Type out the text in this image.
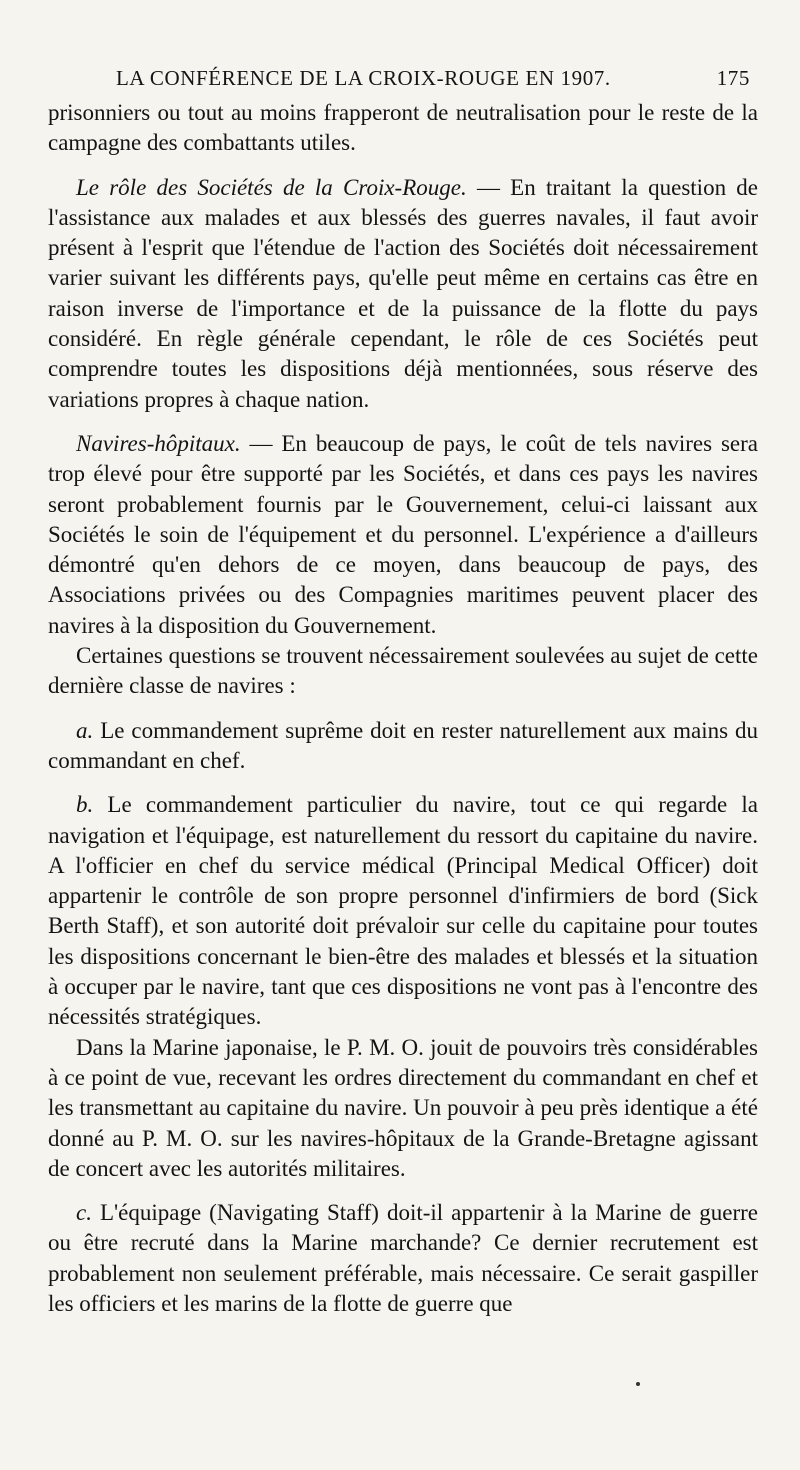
LA CONFÉRENCE DE LA CROIX-ROUGE EN 1907.	175

prisonniers ou tout au moins frapperont de neutralisation pour le reste de la campagne des combattants utiles.

Le rôle des Sociétés de la Croix-Rouge. — En traitant la question de l'assistance aux malades et aux blessés des guerres navales, il faut avoir présent à l'esprit que l'étendue de l'action des Sociétés doit nécessairement varier suivant les différents pays, qu'elle peut même en certains cas être en raison inverse de l'importance et de la puissance de la flotte du pays considéré. En règle générale cependant, le rôle de ces Sociétés peut comprendre toutes les dispositions déjà mentionnées, sous réserve des variations propres à chaque nation.

Navires-hôpitaux. — En beaucoup de pays, le coût de tels navires sera trop élevé pour être supporté par les Sociétés, et dans ces pays les navires seront probablement fournis par le Gouvernement, celui-ci laissant aux Sociétés le soin de l'équipement et du personnel. L'expérience a d'ailleurs démontré qu'en dehors de ce moyen, dans beaucoup de pays, des Associations privées ou des Compagnies maritimes peuvent placer des navires à la disposition du Gouvernement.

Certaines questions se trouvent nécessairement soulevées au sujet de cette dernière classe de navires :

a. Le commandement suprême doit en rester naturellement aux mains du commandant en chef.

b. Le commandement particulier du navire, tout ce qui regarde la navigation et l'équipage, est naturellement du ressort du capitaine du navire. A l'officier en chef du service médical (Principal Medical Officer) doit appartenir le contrôle de son propre personnel d'infirmiers de bord (Sick Berth Staff), et son autorité doit prévaloir sur celle du capitaine pour toutes les dispositions concernant le bien-être des malades et blessés et la situation à occuper par le navire, tant que ces dispositions ne vont pas à l'encontre des nécessités stratégiques.

Dans la Marine japonaise, le P. M. O. jouit de pouvoirs très considérables à ce point de vue, recevant les ordres directement du commandant en chef et les transmettant au capitaine du navire. Un pouvoir à peu près identique a été donné au P. M. O. sur les navires-hôpitaux de la Grande-Bretagne agissant de concert avec les autorités militaires.

c. L'équipage (Navigating Staff) doit-il appartenir à la Marine de guerre ou être recruté dans la Marine marchande? Ce dernier recrutement est probablement non seulement préférable, mais nécessaire. Ce serait gaspiller les officiers et les marins de la flotte de guerre que
